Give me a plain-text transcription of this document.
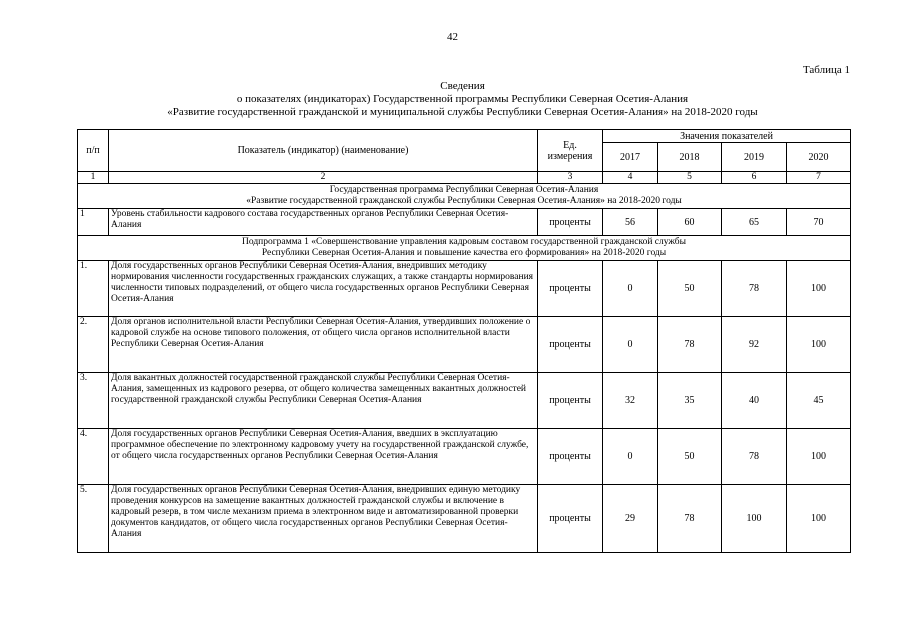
42
Таблица 1
Сведения
о показателях (индикаторах) Государственной программы Республики Северная Осетия-Алания
«Развитие государственной гражданской и муниципальной службы Республики Северная Осетия-Алания» на 2018-2020 годы
п/п	Показатель (индикатор) (наименование)	Ед. измерения	Значения показателей			
			2017	2018	2019	2020
1	2	3	4	5	6	7

Государственная программа Республики Северная Осетия-Алания
«Развитие государственной гражданской службы Республики Северная Осетия-Алания» на 2018-2020 годы						

1	Уровень стабильности кадрового состава государственных органов Республики Северная Осетия-Алания	проценты	56	60	65	70

Подпрограмма 1 «Совершенствование управления кадровым составом государственной гражданской службы
Республики Северная Осетия-Алания и повышение качества его формирования» на 2018-2020 годы						

1.	Доля государственных органов Республики Северная Осетия-Алания, внедривших методику нормирования численности государственных гражданских служащих, а также стандарты нормирования численности типовых подразделений, от общего числа государственных органов Республики Северная Осетия-Алания	проценты	0	50	78	100
2.	Доля органов исполнительной власти Республики Северная Осетия-Алания, утвердивших положение о кадровой службе на основе типового положения, от общего числа органов исполнительной власти Республики Северная Осетия-Алания	проценты	0	78	92	100
3.	Доля вакантных должностей государственной гражданской службы Республики Северная Осетия-Алания, замещенных из кадрового резерва, от общего количества замещенных вакантных должностей государственной гражданской службы Республики Северная Осетия-Алания	проценты	32	35	40	45
4.	Доля государственных органов Республики Северная Осетия-Алания, введших в эксплуатацию программное обеспечение по электронному кадровому учету на государственной гражданской службе, от общего числа государственных органов Республики Северная Осетия-Алания	проценты	0	50	78	100
5.	Доля государственных органов Республики Северная Осетия-Алания, внедривших единую методику проведения конкурсов на замещение вакантных должностей гражданской службы и включение в кадровый резерв, в том числе механизм приема в электронном виде и автоматизированной проверки документов кандидатов, от общего числа государственных органов Республики Северная Осетия-Алания	проценты	29	78	100	100
